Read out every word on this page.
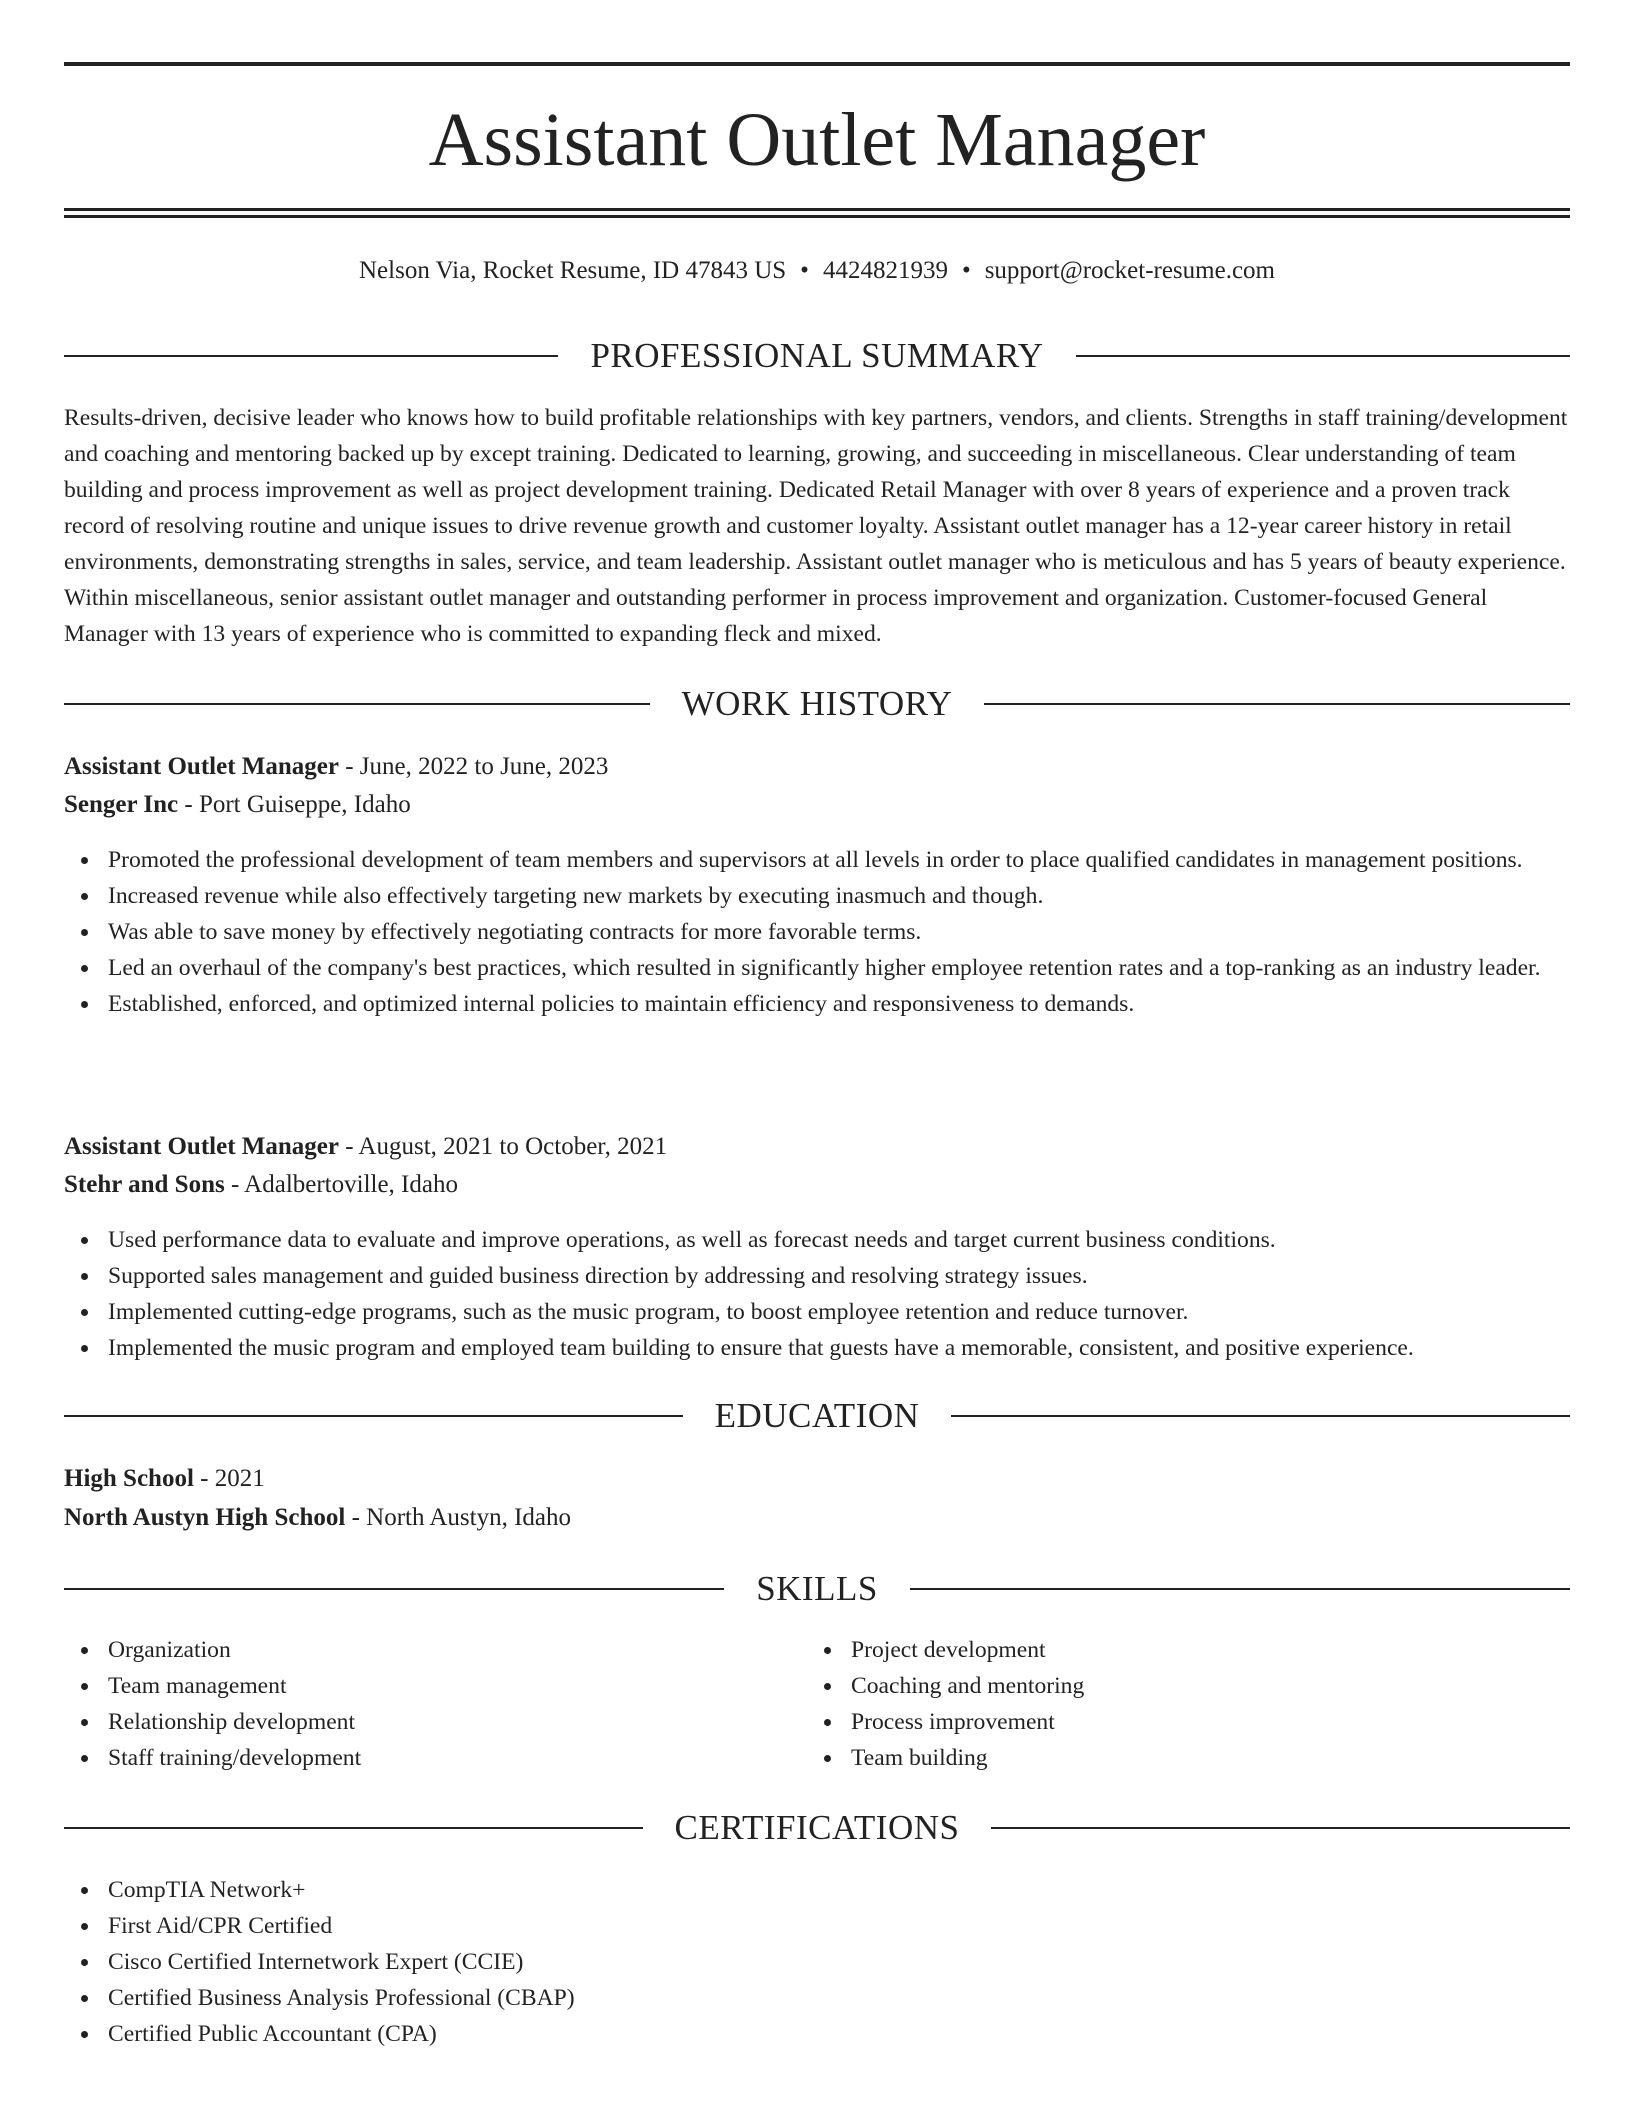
Assistant Outlet Manager
Nelson Via, Rocket Resume, ID 47843 US • 4424821939 • support@rocket-resume.com
PROFESSIONAL SUMMARY

Results-driven, decisive leader who knows how to build profitable relationships with key partners, vendors, and clients. Strengths in staff training/development and coaching and mentoring backed up by except training. Dedicated to learning, growing, and succeeding in miscellaneous. Clear understanding of team building and process improvement as well as project development training. Dedicated Retail Manager with over 8 years of experience and a proven track record of resolving routine and unique issues to drive revenue growth and customer loyalty. Assistant outlet manager has a 12-year career history in retail environments, demonstrating strengths in sales, service, and team leadership. Assistant outlet manager who is meticulous and has 5 years of beauty experience. Within miscellaneous, senior assistant outlet manager and outstanding performer in process improvement and organization. Customer-focused General Manager with 13 years of experience who is committed to expanding fleck and mixed.

WORK HISTORY
Assistant Outlet Manager - June, 2022 to June, 2023
Senger Inc - Port Guiseppe, Idaho
Promoted the professional development of team members and supervisors at all levels in order to place qualified candidates in management positions.
Increased revenue while also effectively targeting new markets by executing inasmuch and though.
Was able to save money by effectively negotiating contracts for more favorable terms.
Led an overhaul of the company's best practices, which resulted in significantly higher employee retention rates and a top-ranking as an industry leader.
Established, enforced, and optimized internal policies to maintain efficiency and responsiveness to demands.
Assistant Outlet Manager - August, 2021 to October, 2021
Stehr and Sons - Adalbertoville, Idaho
Used performance data to evaluate and improve operations, as well as forecast needs and target current business conditions.
Supported sales management and guided business direction by addressing and resolving strategy issues.
Implemented cutting-edge programs, such as the music program, to boost employee retention and reduce turnover.
Implemented the music program and employed team building to ensure that guests have a memorable, consistent, and positive experience.
EDUCATION
High School - 2021
North Austyn High School - North Austyn, Idaho
SKILLS
Organization
Team management
Relationship development
Staff training/development
Project development
Coaching and mentoring
Process improvement
Team building
CERTIFICATIONS
CompTIA Network+
First Aid/CPR Certified
Cisco Certified Internetwork Expert (CCIE)
Certified Business Analysis Professional (CBAP)
Certified Public Accountant (CPA)
